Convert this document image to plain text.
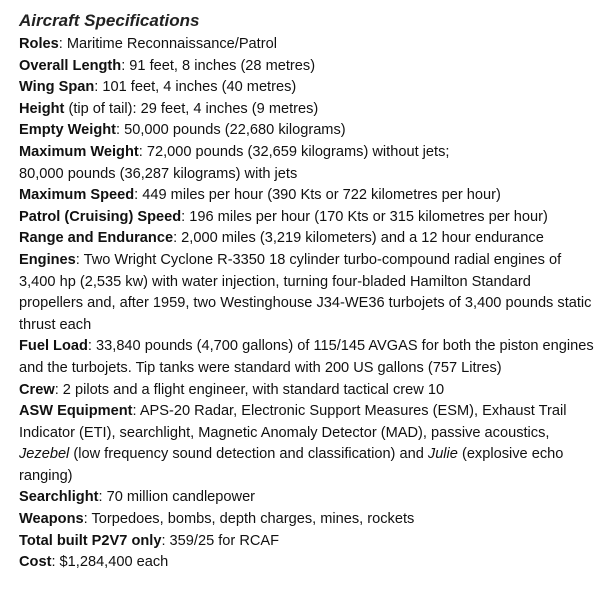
Aircraft Specifications
Roles: Maritime Reconnaissance/Patrol
Overall Length: 91 feet, 8 inches (28 metres)
Wing Span: 101 feet, 4 inches (40 metres)
Height (tip of tail): 29 feet, 4 inches (9 metres)
Empty Weight: 50,000 pounds (22,680 kilograms)
Maximum Weight: 72,000 pounds (32,659 kilograms) without jets;
80,000 pounds (36,287 kilograms) with jets
Maximum Speed: 449 miles per hour (390 Kts or 722 kilometres per hour)
Patrol (Cruising) Speed: 196 miles per hour (170 Kts or 315 kilometres per hour)
Range and Endurance: 2,000 miles (3,219 kilometers) and a 12 hour endurance
Engines: Two Wright Cyclone R-3350 18 cylinder turbo-compound radial engines of 3,400 hp (2,535 kw) with water injection, turning four-bladed Hamilton Standard propellers and, after 1959, two Westinghouse J34-WE36 turbojets of 3,400 pounds static thrust each
Fuel Load: 33,840 pounds (4,700 gallons) of 115/145 AVGAS for both the piston engines and the turbojets. Tip tanks were standard with 200 US gallons (757 Litres)
Crew: 2 pilots and a flight engineer, with standard tactical crew 10
ASW Equipment: APS-20 Radar, Electronic Support Measures (ESM), Exhaust Trail Indicator (ETI), searchlight, Magnetic Anomaly Detector (MAD), passive acoustics, Jezebel (low frequency sound detection and classification) and Julie (explosive echo ranging)
Searchlight: 70 million candlepower
Weapons: Torpedoes, bombs, depth charges, mines, rockets
Total built P2V7 only: 359/25 for RCAF
Cost: $1,284,400 each
